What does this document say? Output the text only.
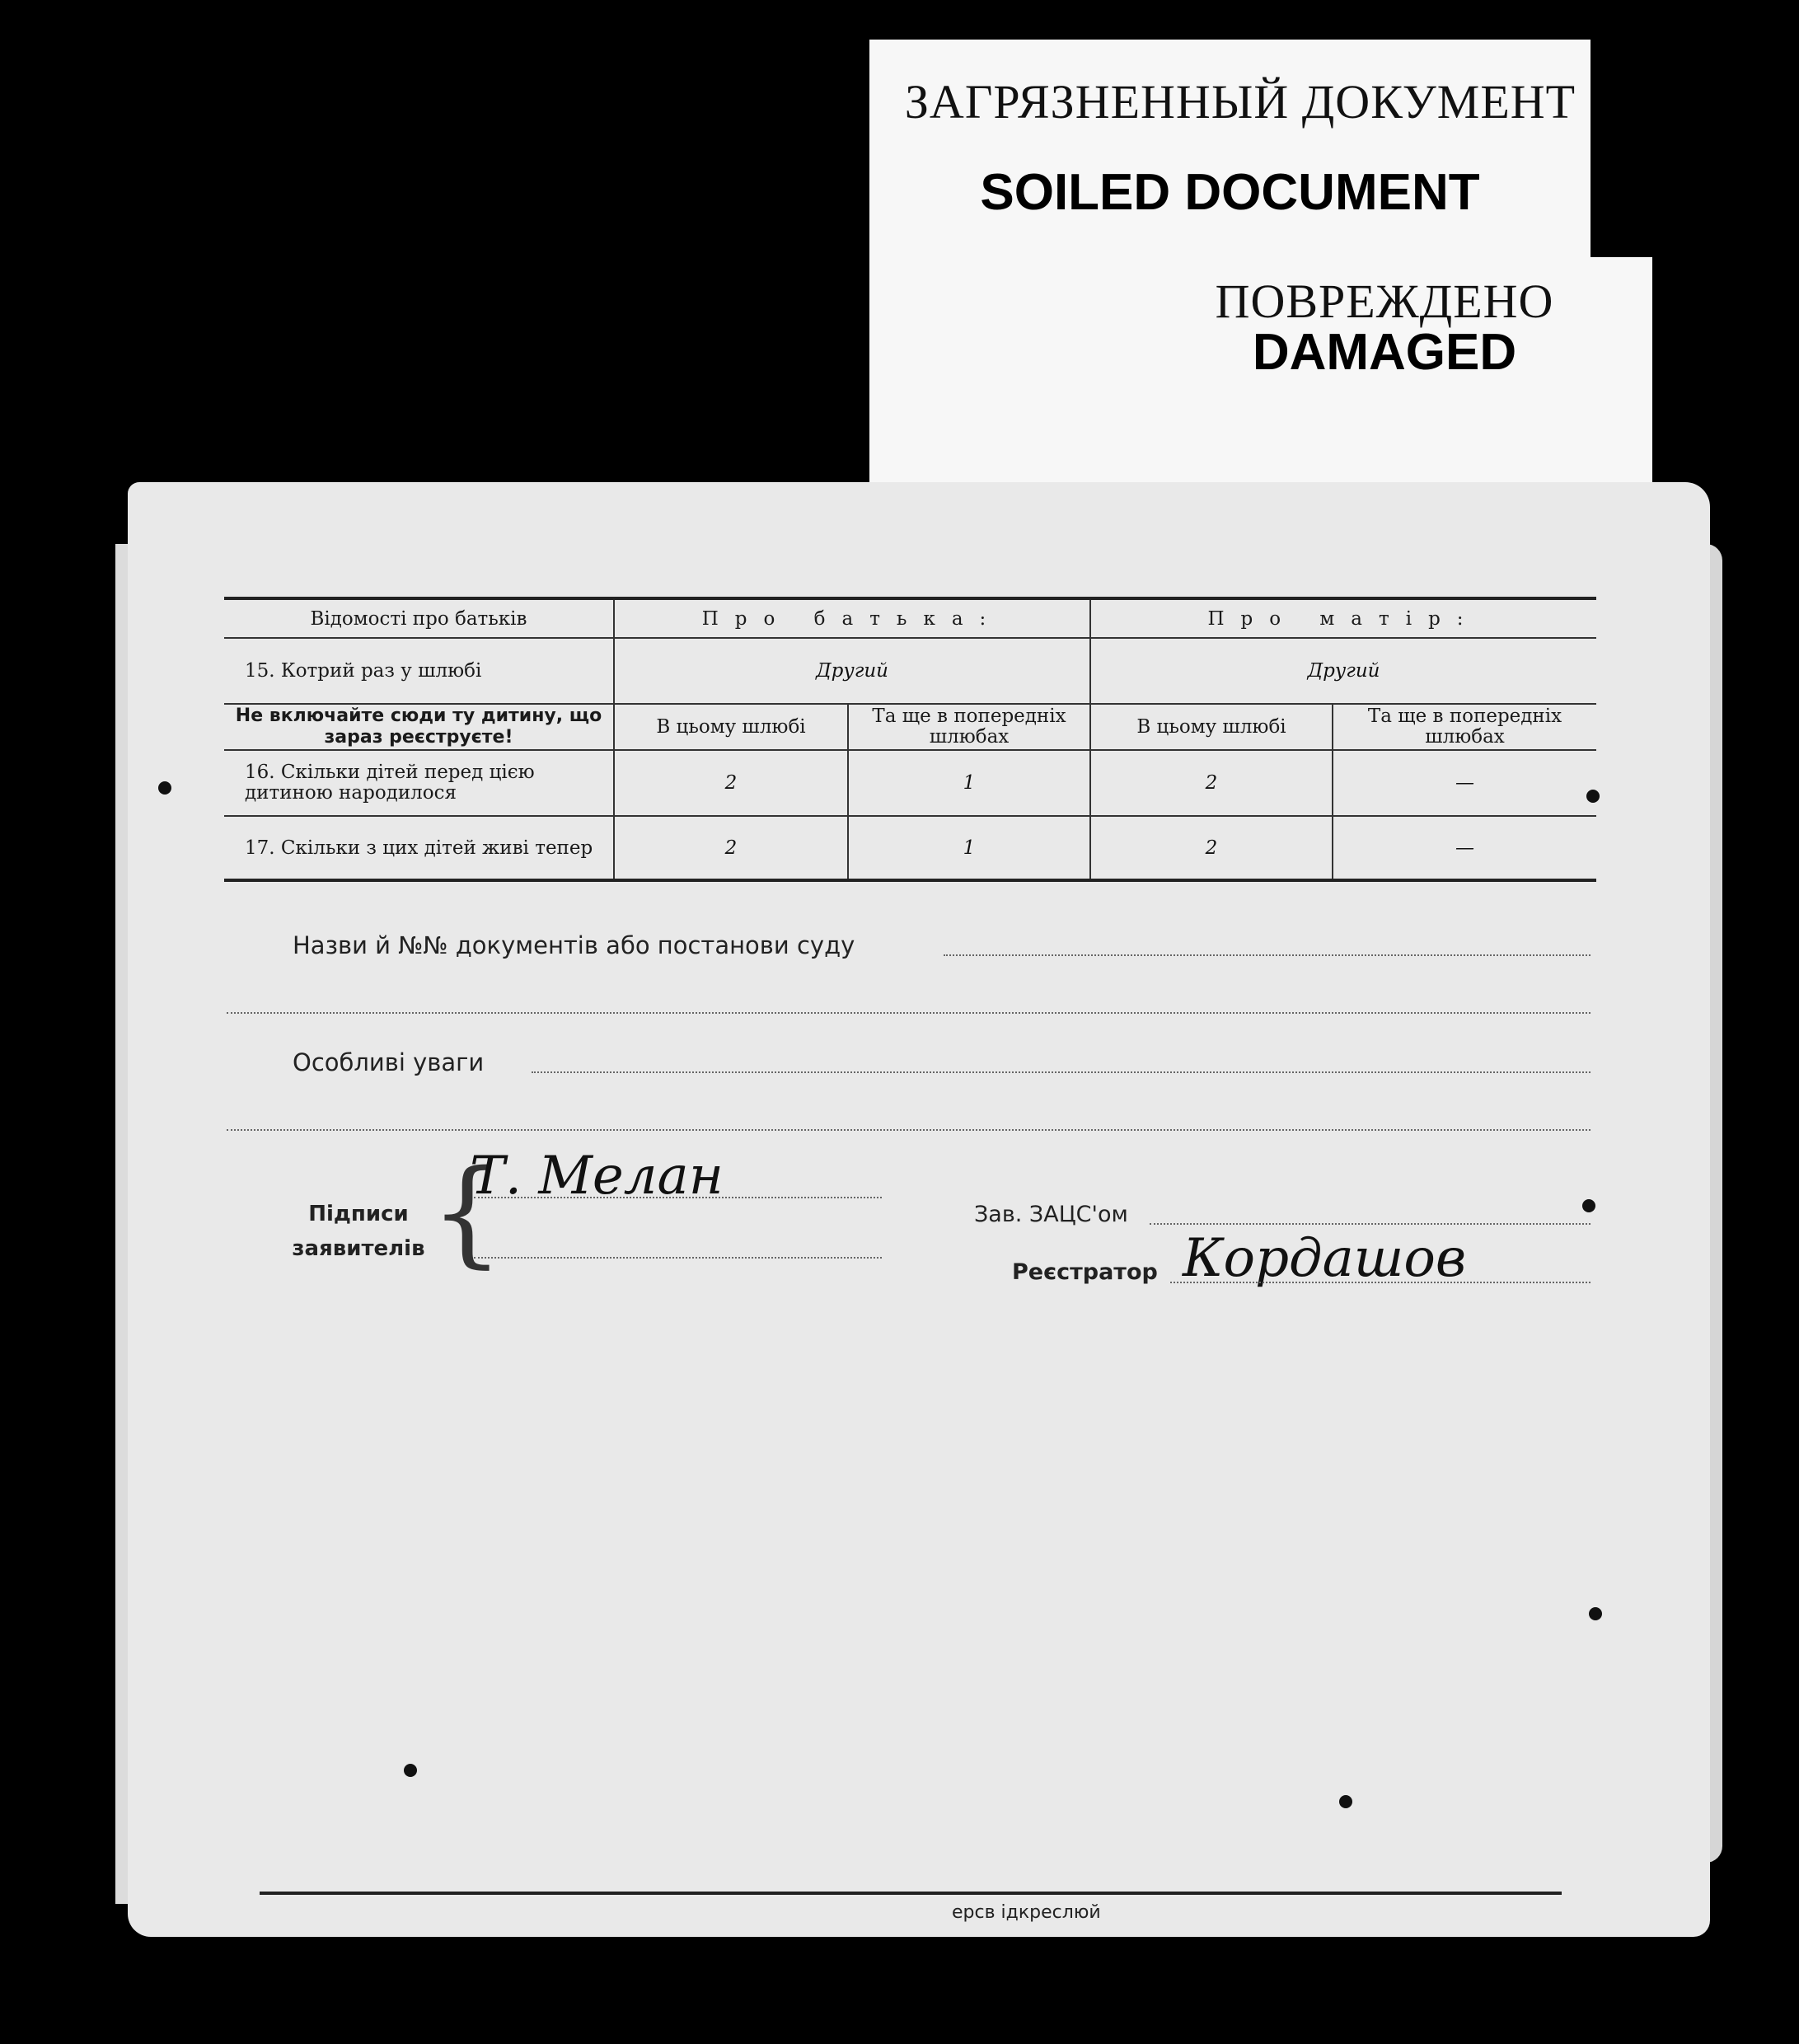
ЗАГРЯЗНЕННЫЙ ДОКУМЕНТ
SOILED DOCUMENT
ПОВРЕЖДЕНО
DAMAGED
Відомості про батьків	Про батька:		Про матір:	
15. Котрий раз у шлюбі	Другий		Другий	
Не включайте сюди ту дитину, що зараз реєструєте!	В цьому шлюбі	Та ще в попередніх шлюбах	В цьому шлюбі	Та ще в попередніх шлюбах
16. Скільки дітей перед цією дитиною народилося	2	1	2	—
17. Скільки з цих дітей живі тепер	2	1	2	—
Назви й №№ документів або постанови суду
Особливі уваги
Підписи заявителів {
Т. Мелан
Зав. ЗАЦС'ом
Реєстратор Кордашов
ерсв ідкреслюй
